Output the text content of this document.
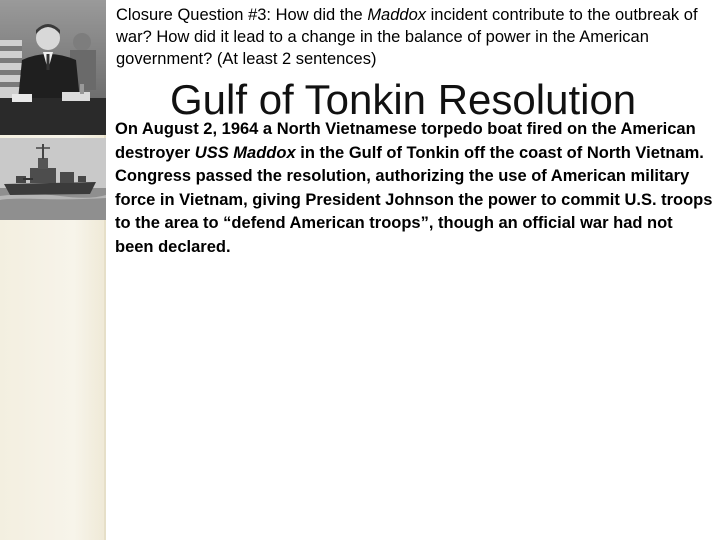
Closure Question #3: How did the Maddox incident contribute to the outbreak of war? How did it lead to a change in the balance of power in the American government? (At least 2 sentences)
Gulf of Tonkin Resolution
On August 2, 1964 a North Vietnamese torpedo boat fired on the American destroyer USS Maddox in the Gulf of Tonkin off the coast of North Vietnam. Congress passed the resolution, authorizing the use of American military force in Vietnam, giving President Johnson the power to commit U.S. troops to the area to “defend American troops”, though an official war had not been declared.
